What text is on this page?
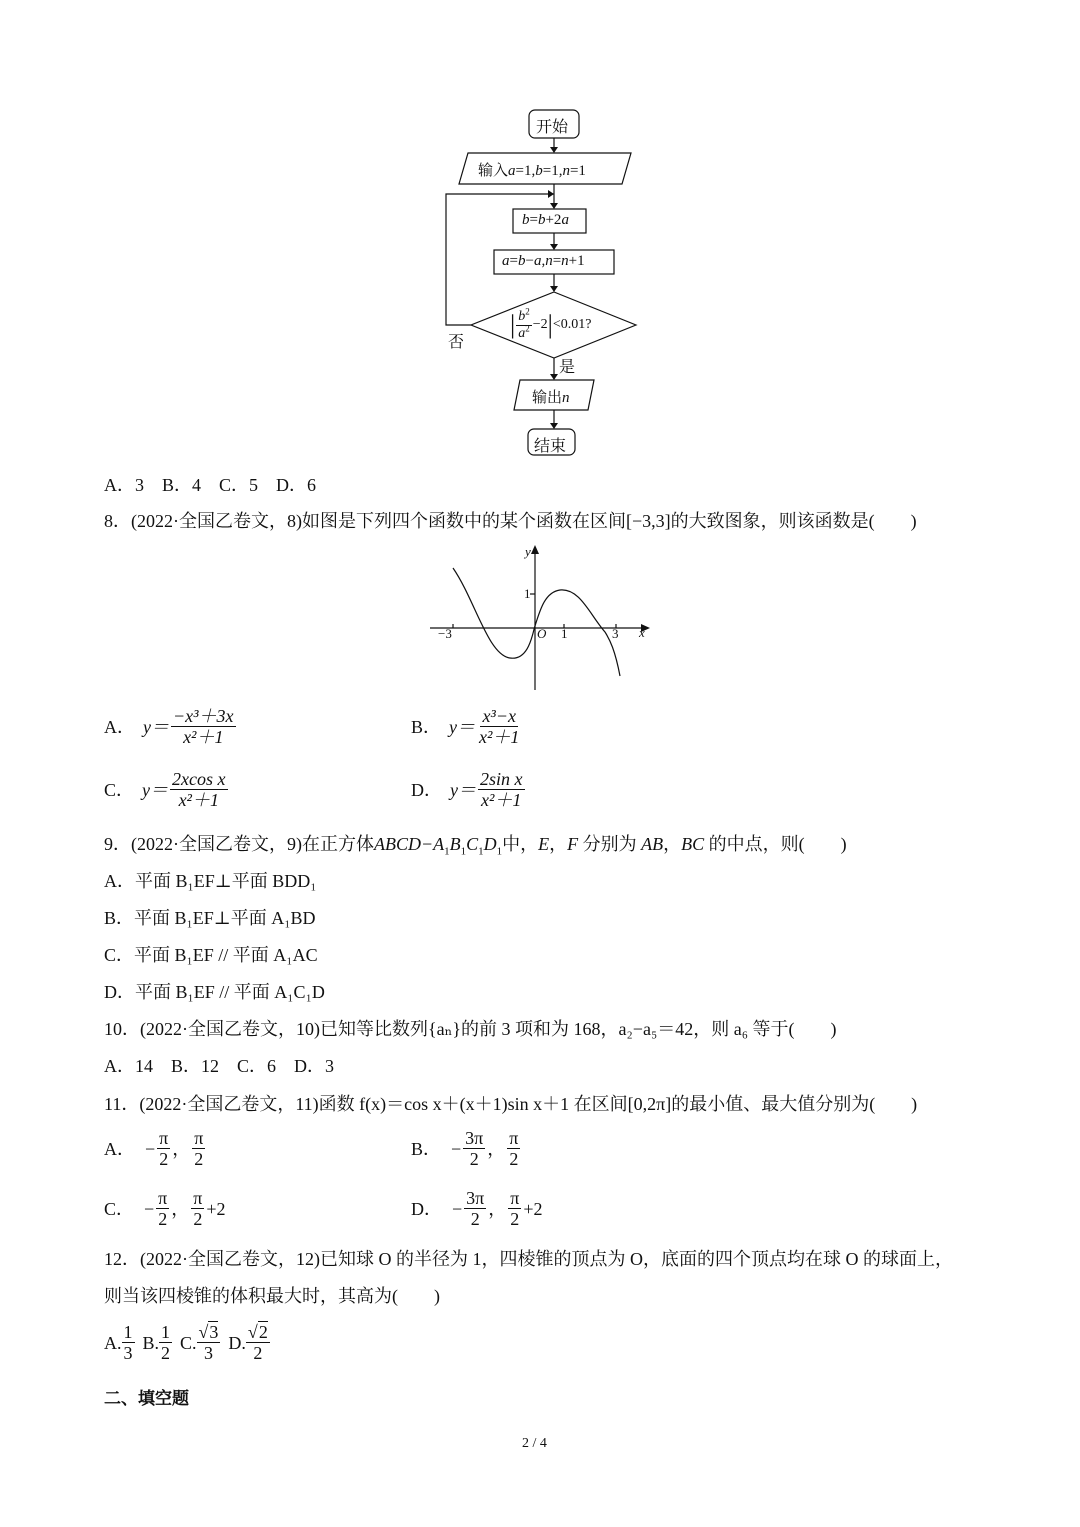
开始
输入a=1,b=1,n=1
b=b+2a
a=b−a,n=n+1
| $b^2$
$a^2 -2$ | <0.01?
否
是
输出n
结束
A．3　B．4　C．5　D．6
8．(2022·全国乙卷文，8)如图是下列四个函数中的某个函数在区间[−3,3]的大致图象，则该函数是(　　)
y
x
O
−3	1	3
1
A． $y= \frac{\text{−x³＋3x}}{\text{x²＋1}}$	B． $y= \frac{\text{x³−x}}{\text{x²＋1}}$
C． $y= \frac{\text{2xcos x}}{\text{x²＋1}}$	D． $y= \frac{\text{2sin x}}{\text{x²＋1}}$
9．(2022·全国乙卷文，9)在正方体$ABCD-A_1B_1C_1D_1$中，E，F 分别为 AB，BC 的中点，则(　　)
A．平面 B₁EF⊥平面 BDD₁
B．平面 B₁EF⊥平面 A₁BD
C．平面 B₁EF // 平面 A₁AC
D．平面 B₁EF // 平面 A₁C₁D
10．(2022·全国乙卷文，10)已知等比数列{aₙ}的前 3 项和为 168，a₂−a₅＝42，则 a₆ 等于(　　)
A．14　B．12　C．6　D．3
11．(2022·全国乙卷文，11)函数 f(x)＝cos x＋(x＋1)sin x＋1 在区间[0,2π]的最小值、最大值分别为(　　)
A． − $\frac{\pi}{2}$ ， $\frac{\pi}{2}$	B． − $\frac{3\pi}{2}$ ， $\frac{\pi}{2}$
C． − $\frac{\pi}{2}$ ， $\frac{\pi}{2} +2$	D． − $\frac{3\pi}{2}$ ， $\frac{\pi}{2} +2$
12．(2022·全国乙卷文，12)已知球 O 的半径为 1，四棱锥的顶点为 O，底面的四个顶点均在球 O 的球面上，
则当该四棱锥的体积最大时，其高为(　　)
A. $\frac{1}{3} B$. $\frac{1}{2} C$. $\frac{√3}{3} D$. $\frac{√2}{2}$
二、填空题
2 / 4
